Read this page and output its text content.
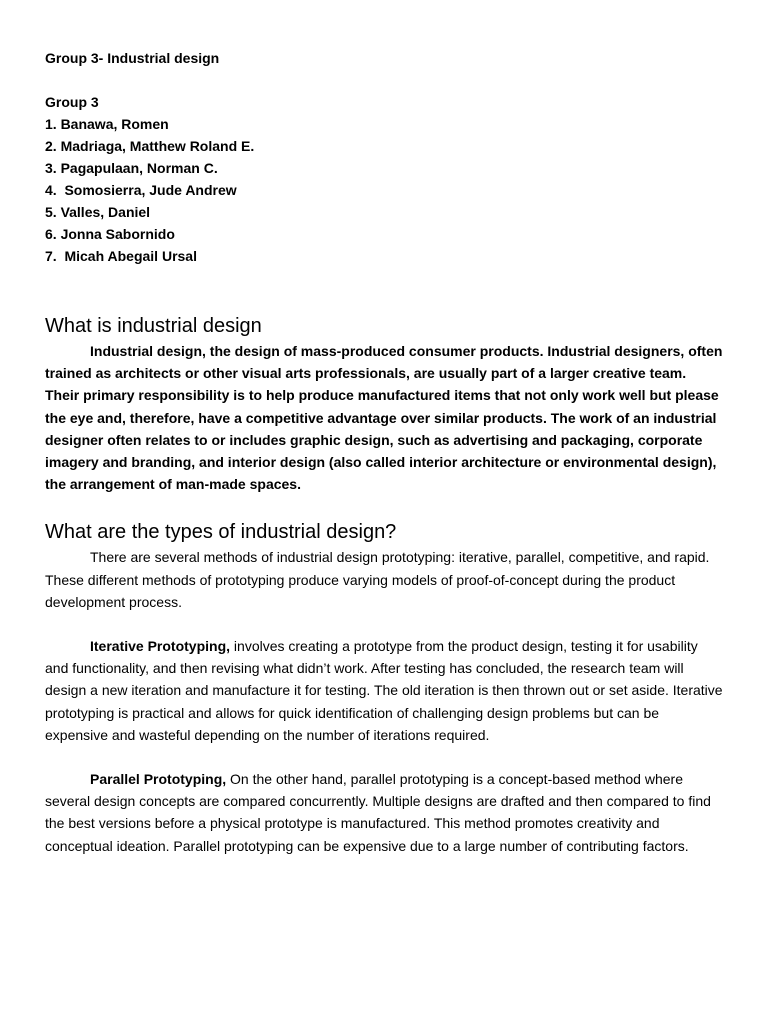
Group 3- Industrial design

Group 3

1. Banawa, Romen
2. Madriaga, Matthew Roland E.
3. Pagapulaan, Norman C.
4.  Somosierra, Jude Andrew
5. Valles, Daniel
6. Jonna Sabornido
7.  Micah Abegail Ursal
What is industrial design

Industrial design, the design of mass-produced consumer products. Industrial designers, often trained as architects or other visual arts professionals, are usually part of a larger creative team. Their primary responsibility is to help produce manufactured items that not only work well but please the eye and, therefore, have a competitive advantage over similar products. The work of an industrial designer often relates to or includes graphic design, such as advertising and packaging, corporate imagery and branding, and interior design (also called interior architecture or environmental design), the arrangement of man-made spaces.

What are the types of industrial design?

There are several methods of industrial design prototyping: iterative, parallel, competitive, and rapid. These different methods of prototyping produce varying models of proof-of-concept during the product development process.

Iterative Prototyping, involves creating a prototype from the product design, testing it for usability and functionality, and then revising what didn’t work. After testing has concluded, the research team will design a new iteration and manufacture it for testing. The old iteration is then thrown out or set aside. Iterative prototyping is practical and allows for quick identification of challenging design problems but can be expensive and wasteful depending on the number of iterations required.

Parallel Prototyping, On the other hand, parallel prototyping is a concept-based method where several design concepts are compared concurrently. Multiple designs are drafted and then compared to find the best versions before a physical prototype is manufactured. This method promotes creativity and conceptual ideation. Parallel prototyping can be expensive due to a large number of contributing factors.
